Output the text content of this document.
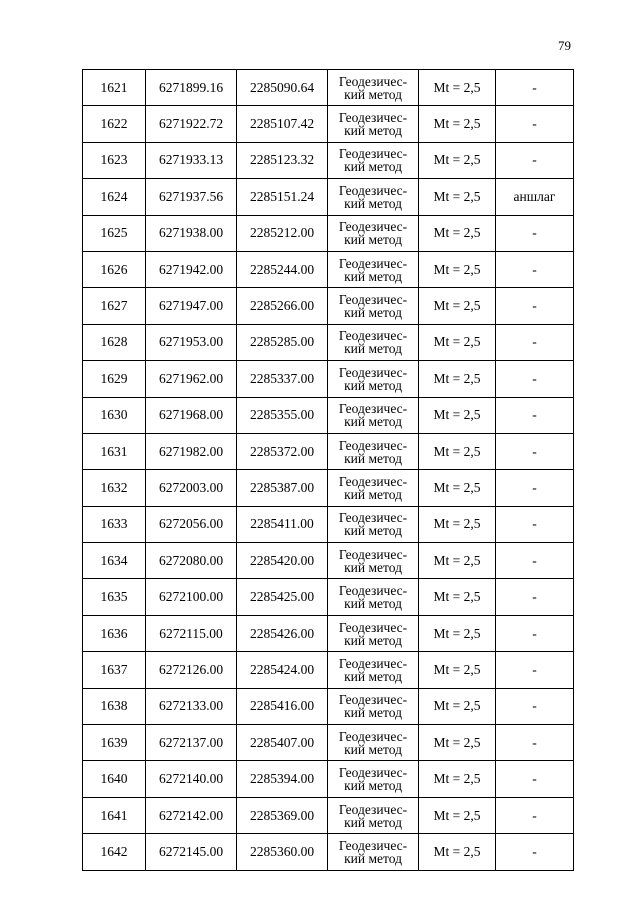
79
1621	6271899.16	2285090.64	Геодезичес-
кий метод	Mt = 2,5	-
1622	6271922.72	2285107.42	Геодезичес-
кий метод	Mt = 2,5	-
1623	6271933.13	2285123.32	Геодезичес-
кий метод	Mt = 2,5	-
1624	6271937.56	2285151.24	Геодезичес-
кий метод	Mt = 2,5	аншлаг
1625	6271938.00	2285212.00	Геодезичес-
кий метод	Mt = 2,5	-
1626	6271942.00	2285244.00	Геодезичес-
кий метод	Mt = 2,5	-
1627	6271947.00	2285266.00	Геодезичес-
кий метод	Mt = 2,5	-
1628	6271953.00	2285285.00	Геодезичес-
кий метод	Mt = 2,5	-
1629	6271962.00	2285337.00	Геодезичес-
кий метод	Mt = 2,5	-
1630	6271968.00	2285355.00	Геодезичес-
кий метод	Mt = 2,5	-
1631	6271982.00	2285372.00	Геодезичес-
кий метод	Mt = 2,5	-
1632	6272003.00	2285387.00	Геодезичес-
кий метод	Mt = 2,5	-
1633	6272056.00	2285411.00	Геодезичес-
кий метод	Mt = 2,5	-
1634	6272080.00	2285420.00	Геодезичес-
кий метод	Mt = 2,5	-
1635	6272100.00	2285425.00	Геодезичес-
кий метод	Mt = 2,5	-
1636	6272115.00	2285426.00	Геодезичес-
кий метод	Mt = 2,5	-
1637	6272126.00	2285424.00	Геодезичес-
кий метод	Mt = 2,5	-
1638	6272133.00	2285416.00	Геодезичес-
кий метод	Mt = 2,5	-
1639	6272137.00	2285407.00	Геодезичес-
кий метод	Mt = 2,5	-
1640	6272140.00	2285394.00	Геодезичес-
кий метод	Mt = 2,5	-
1641	6272142.00	2285369.00	Геодезичес-
кий метод	Mt = 2,5	-
1642	6272145.00	2285360.00	Геодезичес-
кий метод	Mt = 2,5	-
